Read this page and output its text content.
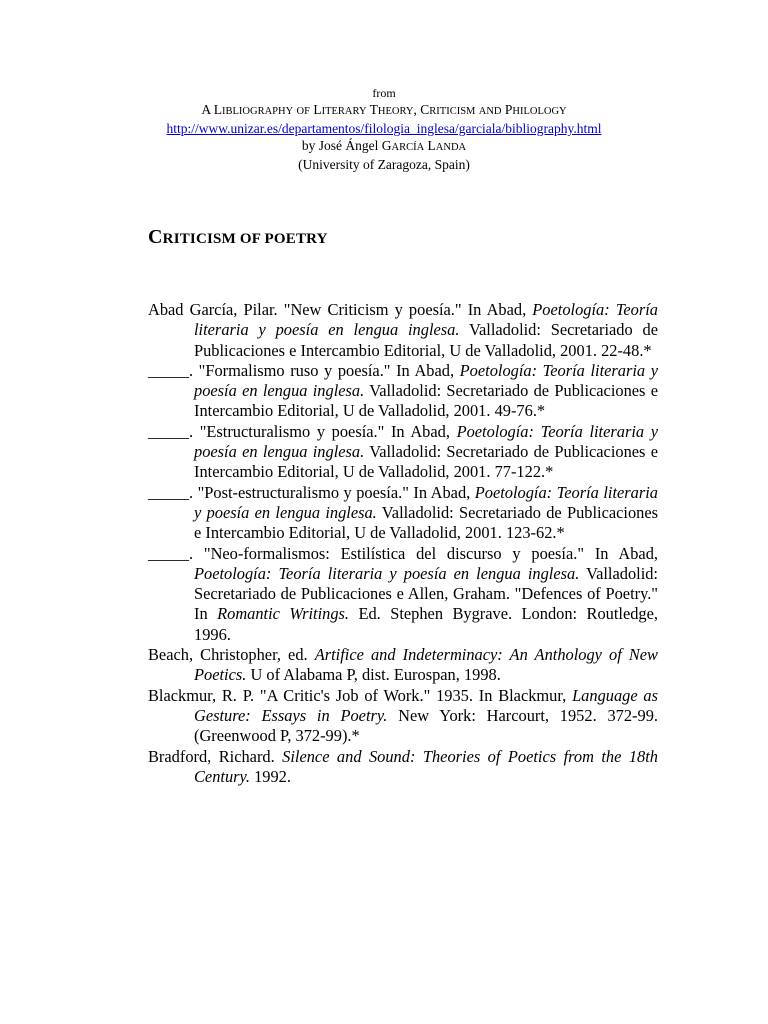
from
A LIBLIOGRAPHY OF LITERARY THEORY, CRITICISM AND PHILOLOGY
http://www.unizar.es/departamentos/filologia_inglesa/garciala/bibliography.html
by José Ángel GARCÍA LANDA
(University of Zaragoza, Spain)
CRITICISM OF POETRY
Abad García, Pilar. "New Criticism y poesía." In Abad, Poetología: Teoría literaria y poesía en lengua inglesa. Valladolid: Secretariado de Publicaciones e Intercambio Editorial, U de Valladolid, 2001. 22-48.*
_____. "Formalismo ruso y poesía." In Abad, Poetología: Teoría literaria y poesía en lengua inglesa. Valladolid: Secretariado de Publicaciones e Intercambio Editorial, U de Valladolid, 2001. 49-76.*
_____. "Estructuralismo y poesía." In Abad, Poetología: Teoría literaria y poesía en lengua inglesa. Valladolid: Secretariado de Publicaciones e Intercambio Editorial, U de Valladolid, 2001. 77-122.*
_____. "Post-estructuralismo y poesía." In Abad, Poetología: Teoría literaria y poesía en lengua inglesa. Valladolid: Secretariado de Publicaciones e Intercambio Editorial, U de Valladolid, 2001. 123-62.*
_____. "Neo-formalismos: Estilística del discurso y poesía." In Abad, Poetología: Teoría literaria y poesía en lengua inglesa. Valladolid: Secretariado de Publicaciones e Allen, Graham. "Defences of Poetry." In Romantic Writings. Ed. Stephen Bygrave. London: Routledge, 1996.
Beach, Christopher, ed. Artifice and Indeterminacy: An Anthology of New Poetics. U of Alabama P, dist. Eurospan, 1998.
Blackmur, R. P. "A Critic's Job of Work." 1935. In Blackmur, Language as Gesture: Essays in Poetry. New York: Harcourt, 1952. 372-99. (Greenwood P, 372-99).*
Bradford, Richard. Silence and Sound: Theories of Poetics from the 18th Century. 1992.
